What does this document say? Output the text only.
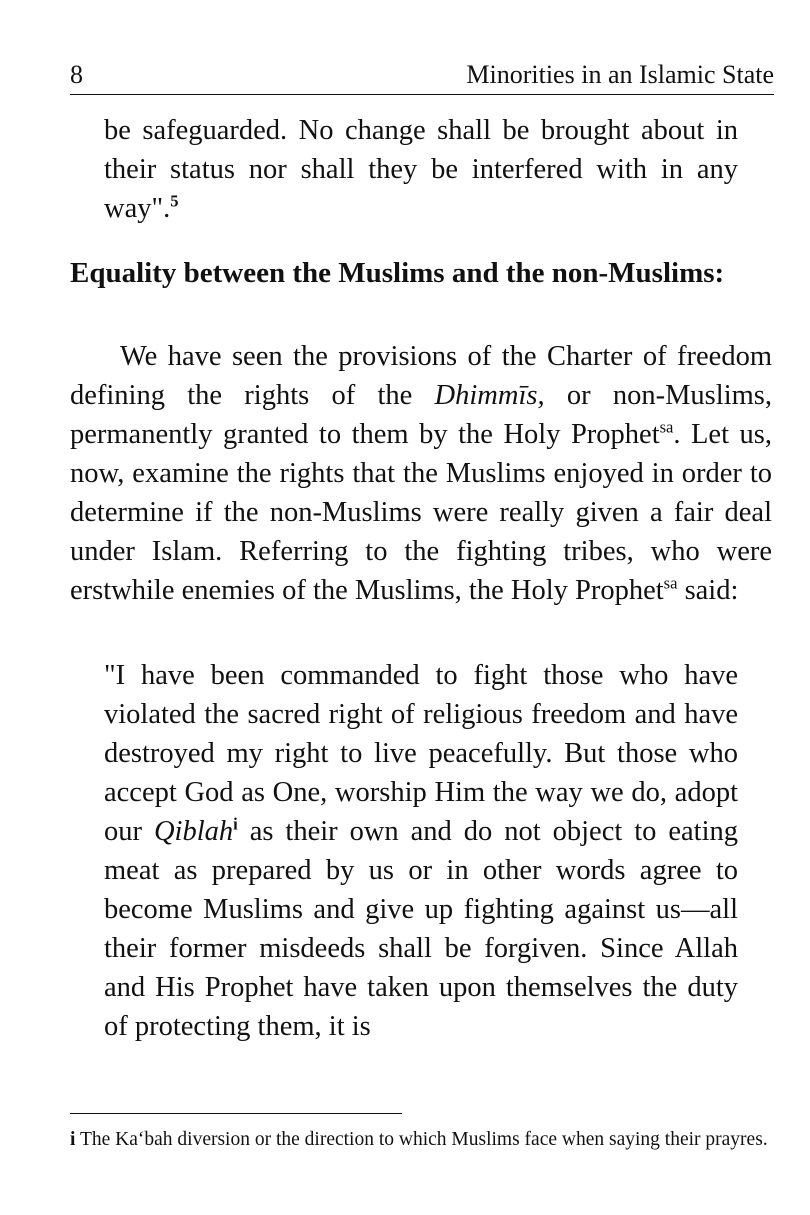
8	Minorities in an Islamic State
be safeguarded. No change shall be brought about in their status nor shall they be interfered with in any way".$^5$
Equality between the Muslims and the non-Muslims:
We have seen the provisions of the Charter of freedom defining the rights of the Dhimmīs, or non-Muslims, permanently granted to them by the Holy Prophet$^{sa}$. Let us, now, examine the rights that the Muslims enjoyed in order to determine if the non-Muslims were really given a fair deal under Islam. Referring to the fighting tribes, who were erstwhile enemies of the Muslims, the Holy Prophet$^{sa}$ said:
"I have been commanded to fight those who have violated the sacred right of religious freedom and have destroyed my right to live peacefully. But those who accept God as One, worship Him the way we do, adopt our Qiblah$^i$ as their own and do not object to eating meat as prepared by us or in other words agree to become Muslims and give up fighting against us—all their former misdeeds shall be forgiven. Since Allah and His Prophet have taken upon themselves the duty of protecting them, it is
i The Ka‘bah diversion or the direction to which Muslims face when saying their prayres.
